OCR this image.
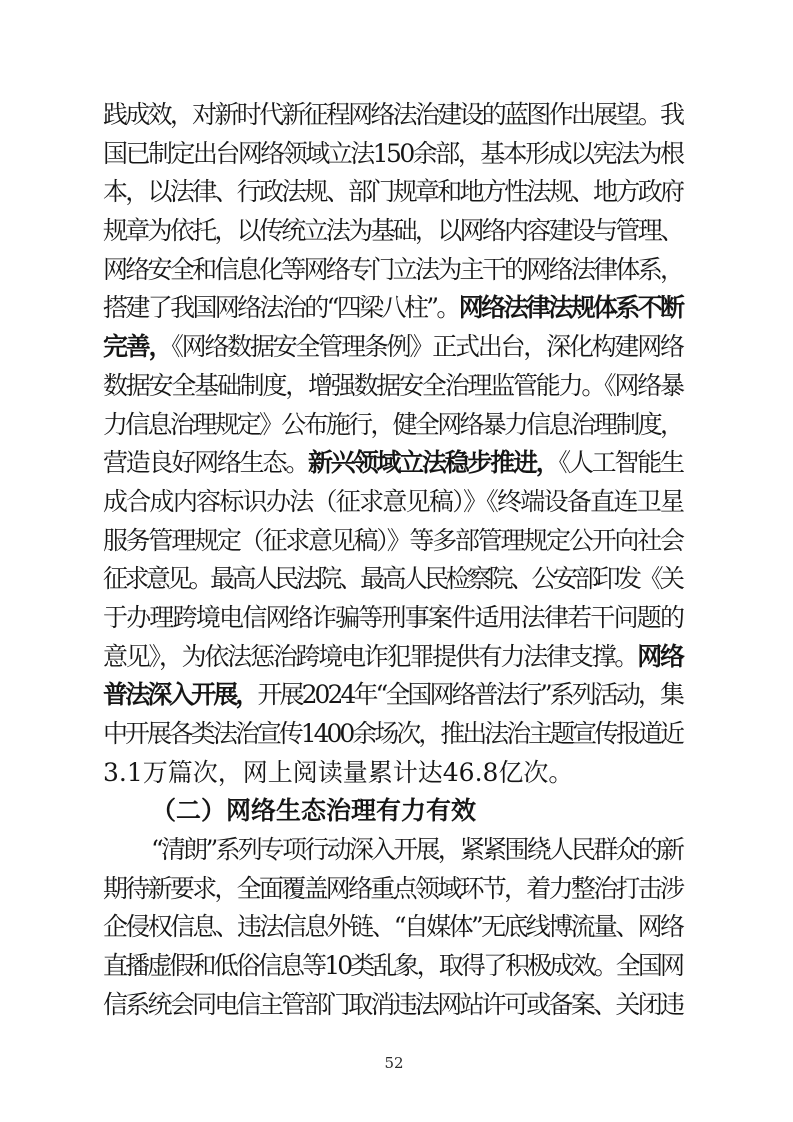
践成效，对新时代新征程网络法治建设的蓝图作出展望。我
国已制定出台网络领域立法150余部，基本形成以宪法为根
本，以法律、行政法规、部门规章和地方性法规、地方政府
规章为依托，以传统立法为基础，以网络内容建设与管理、
网络安全和信息化等网络专门立法为主干的网络法律体系，
搭建了我国网络法治的“四梁八柱”。网络法律法规体系不断
完善，《网络数据安全管理条例》正式出台，深化构建网络
数据安全基础制度，增强数据安全治理监管能力。《网络暴
力信息治理规定》公布施行，健全网络暴力信息治理制度，
营造良好网络生态。新兴领域立法稳步推进，《人工智能生
成合成内容标识办法（征求意见稿）》《终端设备直连卫星
服务管理规定（征求意见稿）》等多部管理规定公开向社会
征求意见。最高人民法院、最高人民检察院、公安部印发《关
于办理跨境电信网络诈骗等刑事案件适用法律若干问题的
意见》，为依法惩治跨境电诈犯罪提供有力法律支撑。网络
普法深入开展，开展2024年“全国网络普法行”系列活动，集
中开展各类法治宣传1400余场次，推出法治主题宣传报道近
3.1万篇次，网上阅读量累计达46.8亿次。
（二）网络生态治理有力有效
“清朗”系列专项行动深入开展，紧紧围绕人民群众的新
期待新要求，全面覆盖网络重点领域环节，着力整治打击涉
企侵权信息、违法信息外链、“自媒体”无底线博流量、网络
直播虚假和低俗信息等10类乱象，取得了积极成效。全国网
信系统会同电信主管部门取消违法网站许可或备案、关闭违
52
